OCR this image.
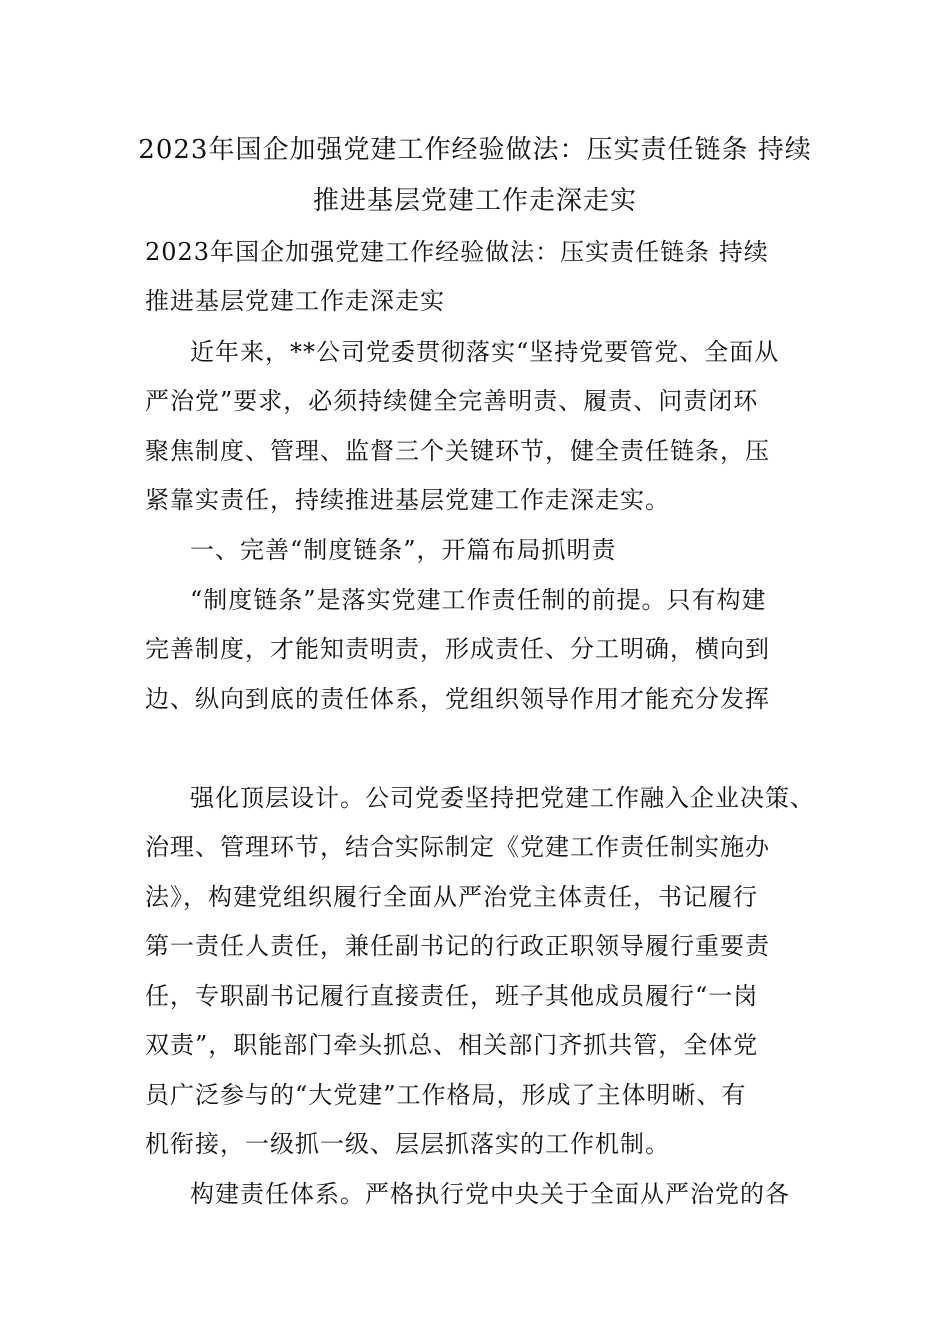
2023年国企加强党建工作经验做法：压实责任链条 持续
推进基层党建工作走深走实
2023年国企加强党建工作经验做法：压实责任链条 持续
推进基层党建工作走深走实
近年来，**公司党委贯彻落实“坚持党要管党、全面从
严治党”要求，必须持续健全完善明责、履责、问责闭环
聚焦制度、管理、监督三个关键环节，健全责任链条，压
紧靠实责任，持续推进基层党建工作走深走实。
一、完善“制度链条”，开篇布局抓明责
“制度链条”是落实党建工作责任制的前提。只有构建
完善制度，才能知责明责，形成责任、分工明确，横向到
边、纵向到底的责任体系，党组织领导作用才能充分发挥
强化顶层设计。公司党委坚持把党建工作融入企业决策、
治理、管理环节，结合实际制定《党建工作责任制实施办
法》，构建党组织履行全面从严治党主体责任，书记履行
第一责任人责任，兼任副书记的行政正职领导履行重要责
任，专职副书记履行直接责任，班子其他成员履行“一岗
双责”，职能部门牵头抓总、相关部门齐抓共管，全体党
员广泛参与的“大党建”工作格局，形成了主体明晰、有
机衔接，一级抓一级、层层抓落实的工作机制。
构建责任体系。严格执行党中央关于全面从严治党的各
